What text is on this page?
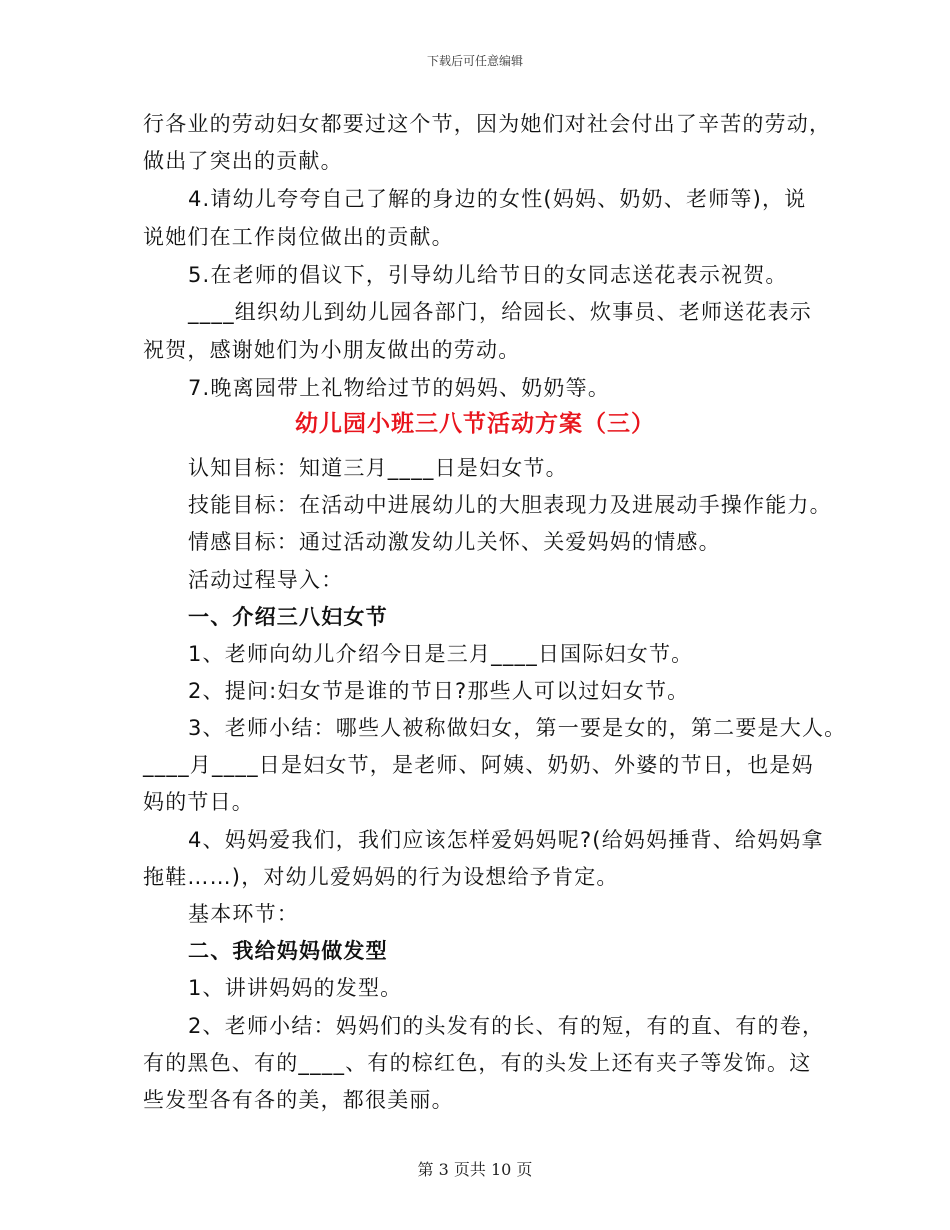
下载后可任意编辑
行各业的劳动妇女都要过这个节，因为她们对社会付出了辛苦的劳动，
做出了突出的贡献。
4.请幼儿夸夸自己了解的身边的女性(妈妈、奶奶、老师等)，说
说她们在工作岗位做出的贡献。
5.在老师的倡议下，引导幼儿给节日的女同志送花表示祝贺。
____组织幼儿到幼儿园各部门，给园长、炊事员、老师送花表示
祝贺，感谢她们为小朋友做出的劳动。
7.晚离园带上礼物给过节的妈妈、奶奶等。
幼儿园小班三八节活动方案（三）
认知目标：知道三月____日是妇女节。
技能目标：在活动中进展幼儿的大胆表现力及进展动手操作能力。
情感目标：通过活动激发幼儿关怀、关爱妈妈的情感。
活动过程导入：
一、介绍三八妇女节
1、老师向幼儿介绍今日是三月____日国际妇女节。
2、提问:妇女节是谁的节日?那些人可以过妇女节。
3、老师小结：哪些人被称做妇女，第一要是女的，第二要是大人。
____月____日是妇女节，是老师、阿姨、奶奶、外婆的节日，也是妈
妈的节日。
4、妈妈爱我们，我们应该怎样爱妈妈呢?(给妈妈捶背、给妈妈拿
拖鞋……)，对幼儿爱妈妈的行为设想给予肯定。
基本环节：
二、我给妈妈做发型
1、讲讲妈妈的发型。
2、老师小结：妈妈们的头发有的长、有的短，有的直、有的卷，
有的黑色、有的____、有的棕红色，有的头发上还有夹子等发饰。这
些发型各有各的美，都很美丽。
第 3 页共 10 页
